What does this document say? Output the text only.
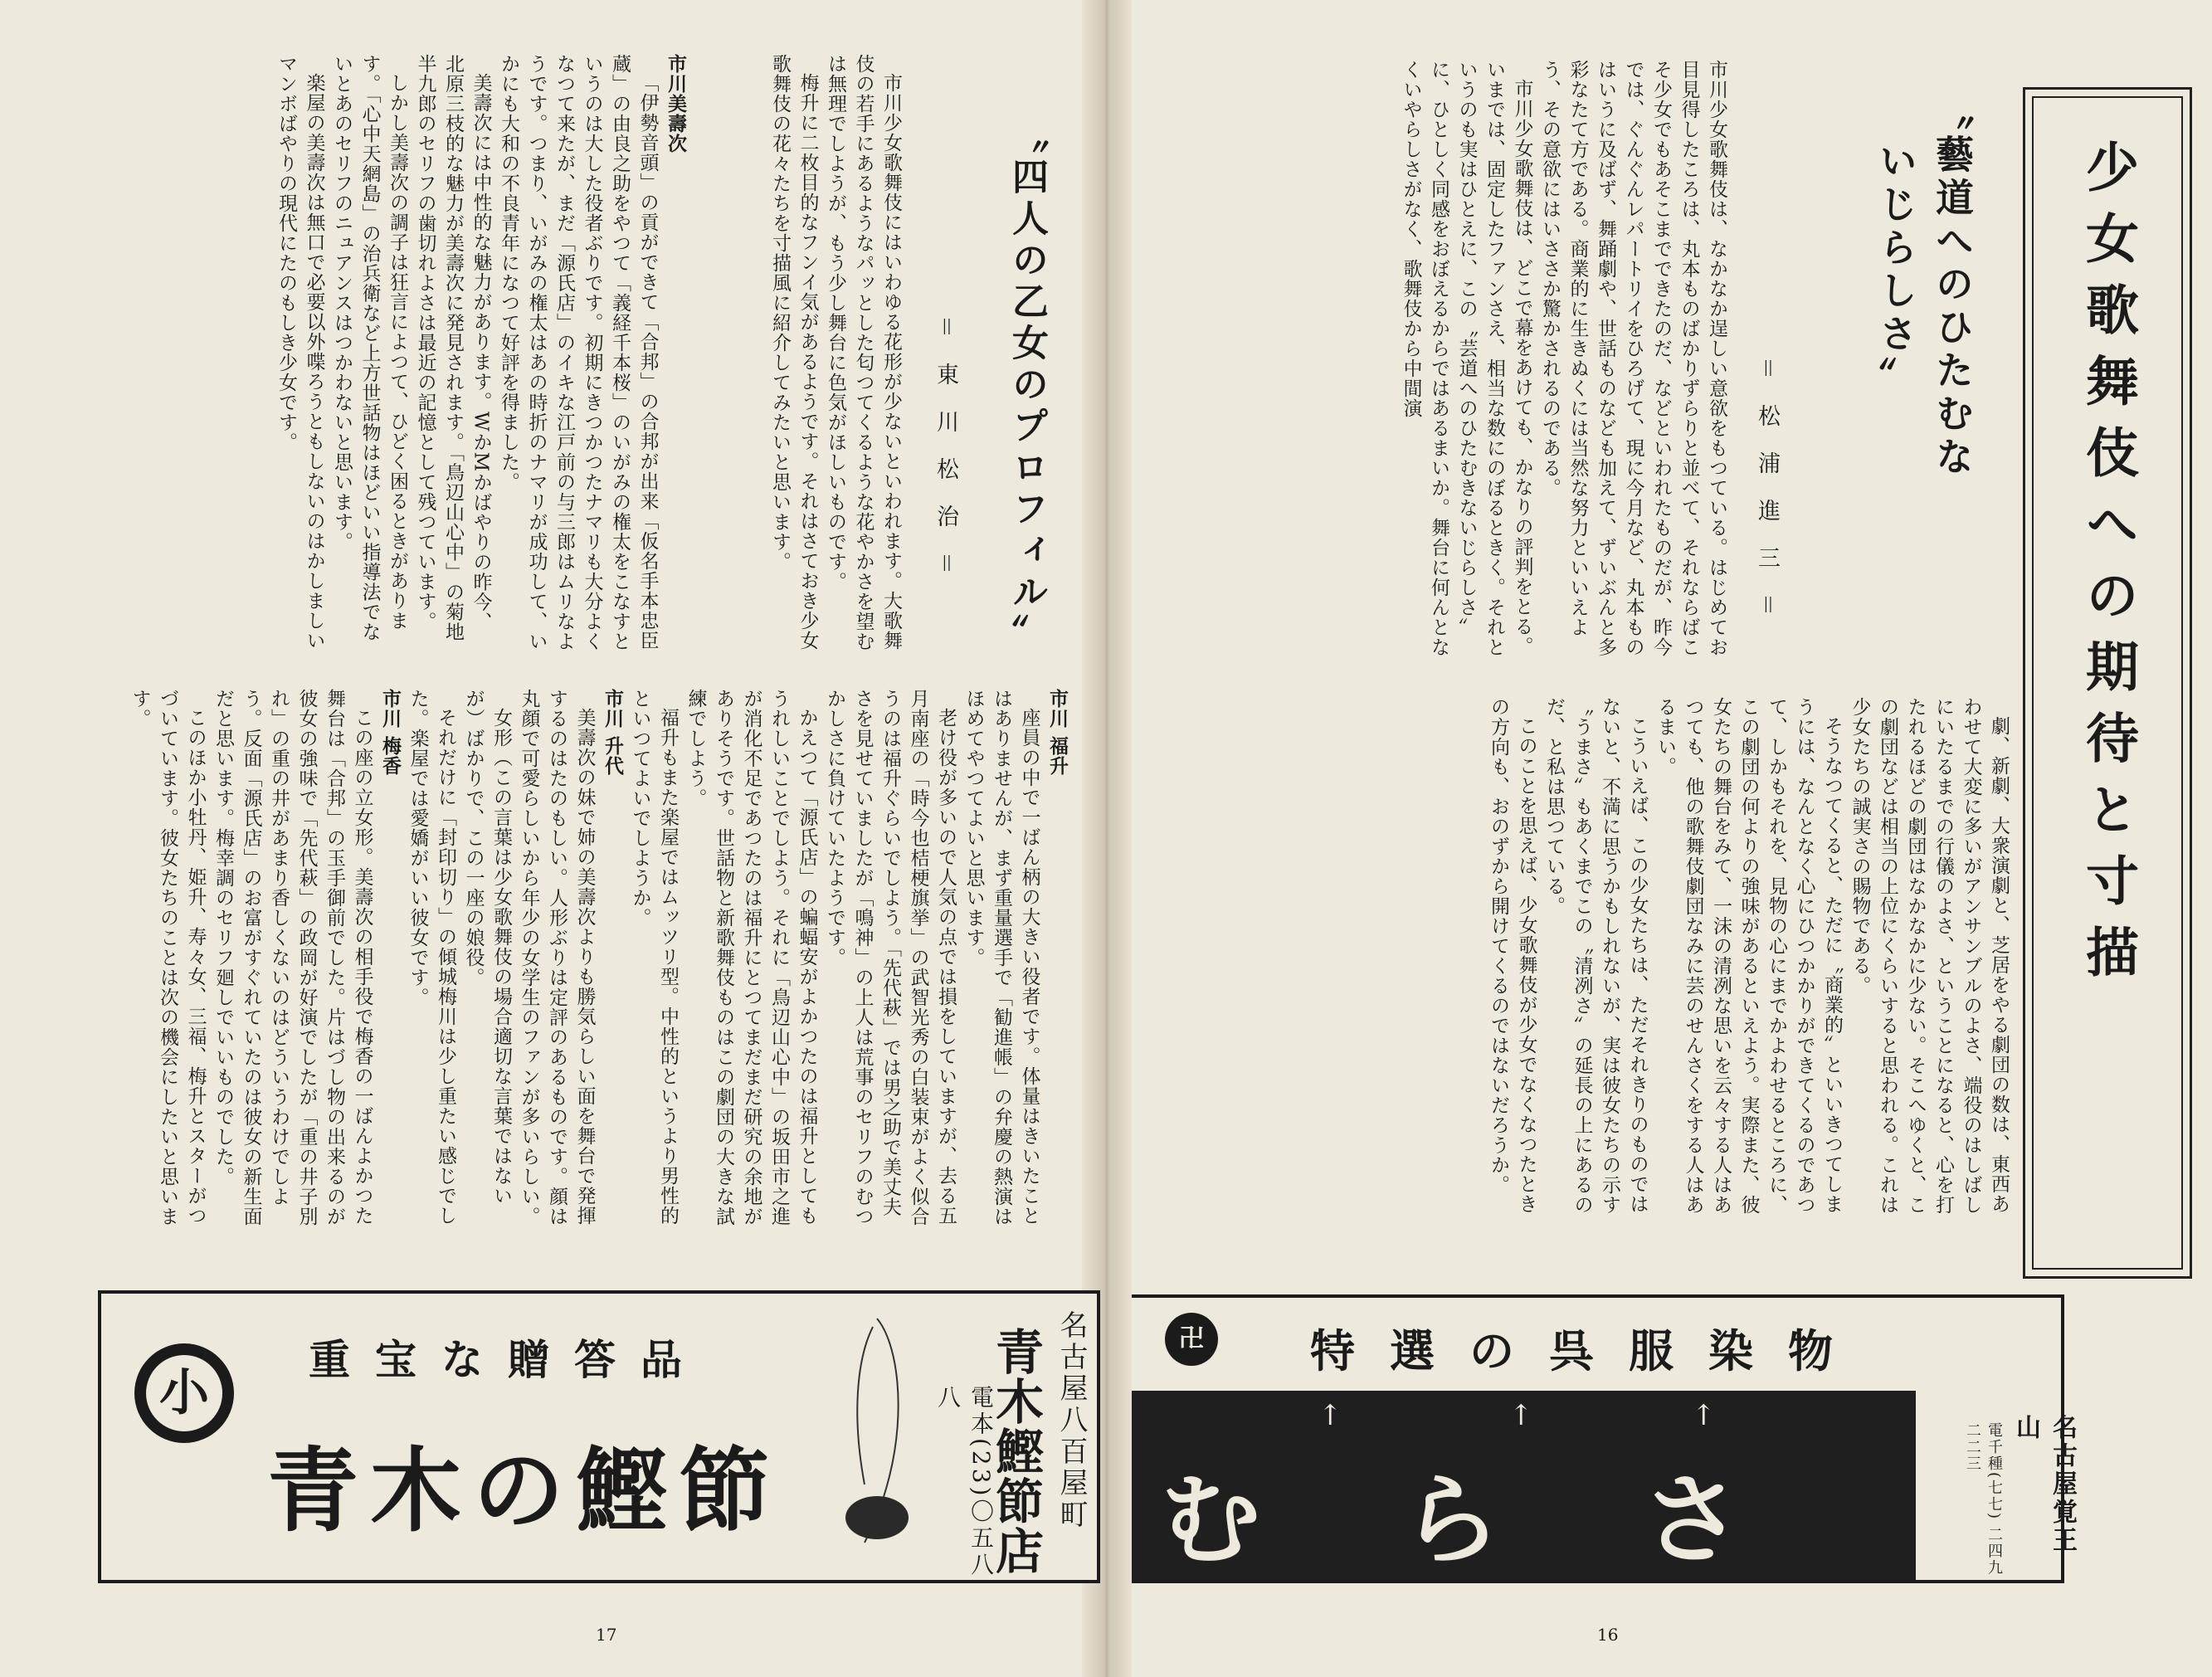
少女歌舞伎への期待と寸描
〝藝道へのひたむな
いじらしさ〟
＝松浦進三＝

市川少女歌舞伎は、なかなか逞しい意欲をもつている。はじめてお目見得したころは、丸本ものばかりずらりと並べて、それならばこそ少女でもあそこまでできたのだ、などといわれたものだが、昨今では、ぐんぐんレパートリイをひろげて、現に今月など、丸本ものはいうに及ばず、舞踊劇や、世話ものなども加えて、ずいぶんと多彩なたて方である。商業的に生きぬくには当然な努力といいえよう、その意欲にはいささか驚かされるのである。

市川少女歌舞伎は、どこで幕をあけても、かなりの評判をとる。いまでは、固定したファンさえ、相当な数にのぼるときく。それというのも実はひとえに、この〝芸道へのひたむきないじらしさ〟に、ひとしく同感をおぼえるからではあるまいか。舞台に何んとなくいやらしさがなく、歌舞伎から中間演

劇、新劇、大衆演劇と、芝居をやる劇団の数は、東西あわせて大変に多いがアンサンブルのよさ、端役のはしばしにいたるまでの行儀のよさ、ということになると、心を打たれるほどの劇団はなかなかに少ない。そこへゆくと、この劇団などは相当の上位にくらいすると思われる。これは少女たちの誠実さの賜物である。

そうなつてくると、ただに〝商業的〟といいきつてしまうには、なんとなく心にひつかかりができてくるのであつて、しかもそれを、見物の心にまでかよわせるところに、この劇団の何よりの強味があるといえよう。実際また、彼女たちの舞台をみて、一沫の清冽な思いを云々する人はあつても、他の歌舞伎劇団なみに芸のせんさくをする人はあるまい。

こういえば、この少女たちは、ただそれきりのものではないと、不満に思うかもしれないが、実は彼女たちの示す〝うまさ〟もあくまでこの〝清冽さ〟の延長の上にあるのだ、と私は思つている。

このことを思えば、少女歌舞伎が少女でなくなつたときの方向も、おのずから開けてくるのではないだろうか。

卍	特選の呉服染物
↑	↑	↑
むらさ	名古屋覚王山
電千種(七七) 二四九 二二三
16
〝四人の乙女のプロフィル〟
＝東川松治＝

市川少女歌舞伎にはいわゆる花形が少ないといわれます。大歌舞伎の若手にあるようなパッとした匂つてくるような花やかさを望むは無理でしようが、もう少し舞台に色気がほしいものです。

梅升に二枚目的なフンイ気があるようです。それはさておき少女歌舞伎の花々たちを寸描風に紹介してみたいと思います。

市川美壽次

「伊勢音頭」の貢ができて「合邦」の合邦が出来「仮名手本忠臣蔵」の由良之助をやつて「義経千本桜」のいがみの権太をこなすというのは大した役者ぶりです。初期にきつかつたナマリも大分よくなつて来たが、まだ「源氏店」のイキな江戸前の与三郎はムリなようです。つまり、いがみの権太はあの時折のナマリが成功して、いかにも大和の不良青年になつて好評を得ました。

美壽次には中性的な魅力があります。WかMかばやりの昨今、北原三枝的な魅力が美壽次に発見されます。「鳥辺山心中」の菊地半九郎のセリフの歯切れよさは最近の記憶として残つています。

しかし美壽次の調子は狂言によつて、ひどく困るときがあります。「心中天網島」の治兵衛など上方世話物はほどいい指導法でないとあのセリフのニュアンスはつかわないと思います。

楽屋の美壽次は無口で必要以外喋ろうともしないのはかしましいマンボばやりの現代にたのもしき少女です。

市川 福升

座員の中で一ばん柄の大きい役者です。体量はきいたことはありませんが、まず重量選手で「勧進帳」の弁慶の熱演はほめてやつてよいと思います。

老け役が多いので人気の点では損をしていますが、去る五月南座の「時今也桔梗旗挙」の武智光秀の白装束がよく似合うのは福升ぐらいでしよう。「先代萩」では男之助で美丈夫さを見せていましたが「鳴神」の上人は荒事のセリフのむつかしさに負けていたようです。

かえつて「源氏店」の蝙蝠安がよかつたのは福升としてもうれしいことでしよう。それに「鳥辺山心中」の坂田市之進が消化不足であつたのは福升にとつてまだまだ研究の余地がありそうです。世話物と新歌舞伎ものはこの劇団の大きな試練でしよう。

福升もまた楽屋ではムッツリ型。中性的というより男性的といつてよいでしようか。

市川 升代

美壽次の妹で姉の美壽次よりも勝気らしい面を舞台で発揮するのはたのもしい。人形ぶりは定評のあるものです。顔は丸顔で可愛らしいから年少の女学生のファンが多いらしい。

女形（この言葉は少女歌舞伎の場合適切な言葉ではないが）ばかりで、この一座の娘役。

それだけに「封印切り」の傾城梅川は少し重たい感じでした。楽屋では愛嬌がいい彼女です。

市川 梅香

この座の立女形。美壽次の相手役で梅香の一ばんよかつた舞台は「合邦」の玉手御前でした。片はづし物の出来るのが彼女の強味で「先代萩」の政岡が好演でしたが「重の井子別れ」の重の井があまり香しくないのはどういうわけでしよう。反面「源氏店」のお富がすぐれていたのは彼女の新生面だと思います。梅幸調のセリフ廻しでいいものでした。

このほか小牡丹、姫升、寿々女、三福、梅升とスターがつづいています。彼女たちのことは次の機会にしたいと思います。

小
重宝な贈答品
青木の鰹節	名古屋八百屋町
青木鰹節店
電本(23)〇五八八
17
